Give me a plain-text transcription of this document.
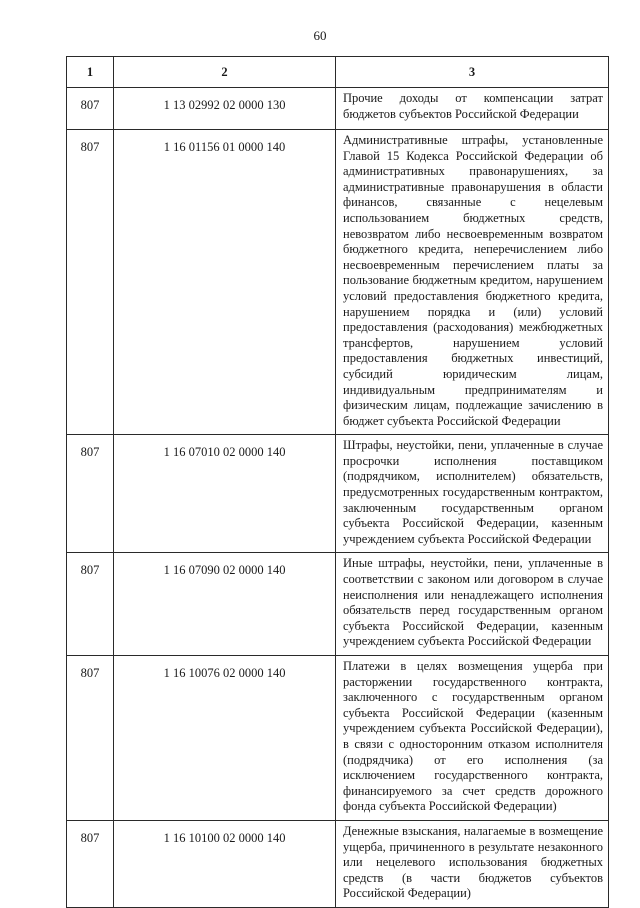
60
1	2	3
807	1 13 02992 02 0000 130	Прочие доходы от компенсации затрат бюджетов субъектов Российской Федерации
807	1 16 01156 01 0000 140	Административные штрафы, установленные Главой 15 Кодекса Российской Федерации об административных правонарушениях, за административные правонарушения в области финансов, связанные с нецелевым использованием бюджетных средств, невозвратом либо несвоевременным возвратом бюджетного кредита, неперечислением либо несвоевременным перечислением платы за пользование бюджетным кредитом, нарушением условий предоставления бюджетного кредита, нарушением порядка и (или) условий предоставления (расходования) межбюджетных трансфертов, нарушением условий предоставления бюджетных инвестиций, субсидий юридическим лицам, индивидуальным предпринимателям и физическим лицам, подлежащие зачислению в бюджет субъекта Российской Федерации
807	1 16 07010 02 0000 140	Штрафы, неустойки, пени, уплаченные в случае просрочки исполнения поставщиком (подрядчиком, исполнителем) обязательств, предусмотренных государственным контрактом, заключенным государственным органом субъекта Российской Федерации, казенным учреждением субъекта Российской Федерации
807	1 16 07090 02 0000 140	Иные штрафы, неустойки, пени, уплаченные в соответствии с законом или договором в случае неисполнения или ненадлежащего исполнения обязательств перед государственным органом субъекта Российской Федерации, казенным учреждением субъекта Российской Федерации
807	1 16 10076 02 0000 140	Платежи в целях возмещения ущерба при расторжении государственного контракта, заключенного с государственным органом субъекта Российской Федерации (казенным учреждением субъекта Российской Федерации), в связи с односторонним отказом исполнителя (подрядчика) от его исполнения (за исключением государственного контракта, финансируемого за счет средств дорожного фонда субъекта Российской Федерации)
807	1 16 10100 02 0000 140	Денежные взыскания, налагаемые в возмещение ущерба, причиненного в результате незаконного или нецелевого использования бюджетных средств (в части бюджетов субъектов Российской Федерации)
